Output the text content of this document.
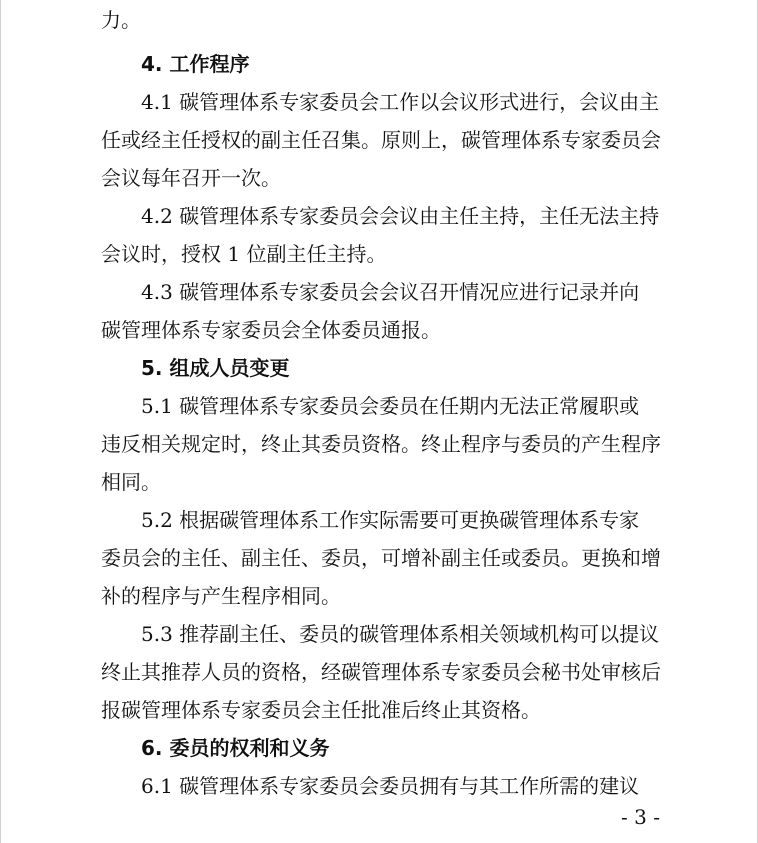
力。
4. 工作程序
4.1 碳管理体系专家委员会工作以会议形式进行，会议由主
任或经主任授权的副主任召集。原则上，碳管理体系专家委员会
会议每年召开一次。
4.2 碳管理体系专家委员会会议由主任主持，主任无法主持
会议时，授权 1 位副主任主持。
4.3 碳管理体系专家委员会会议召开情况应进行记录并向
碳管理体系专家委员会全体委员通报。
5. 组成人员变更
5.1 碳管理体系专家委员会委员在任期内无法正常履职或
违反相关规定时，终止其委员资格。终止程序与委员的产生程序
相同。
5.2 根据碳管理体系工作实际需要可更换碳管理体系专家
委员会的主任、副主任、委员，可增补副主任或委员。更换和增
补的程序与产生程序相同。
5.3 推荐副主任、委员的碳管理体系相关领域机构可以提议
终止其推荐人员的资格，经碳管理体系专家委员会秘书处审核后
报碳管理体系专家委员会主任批准后终止其资格。
6. 委员的权利和义务
6.1 碳管理体系专家委员会委员拥有与其工作所需的建议
- 3 -
